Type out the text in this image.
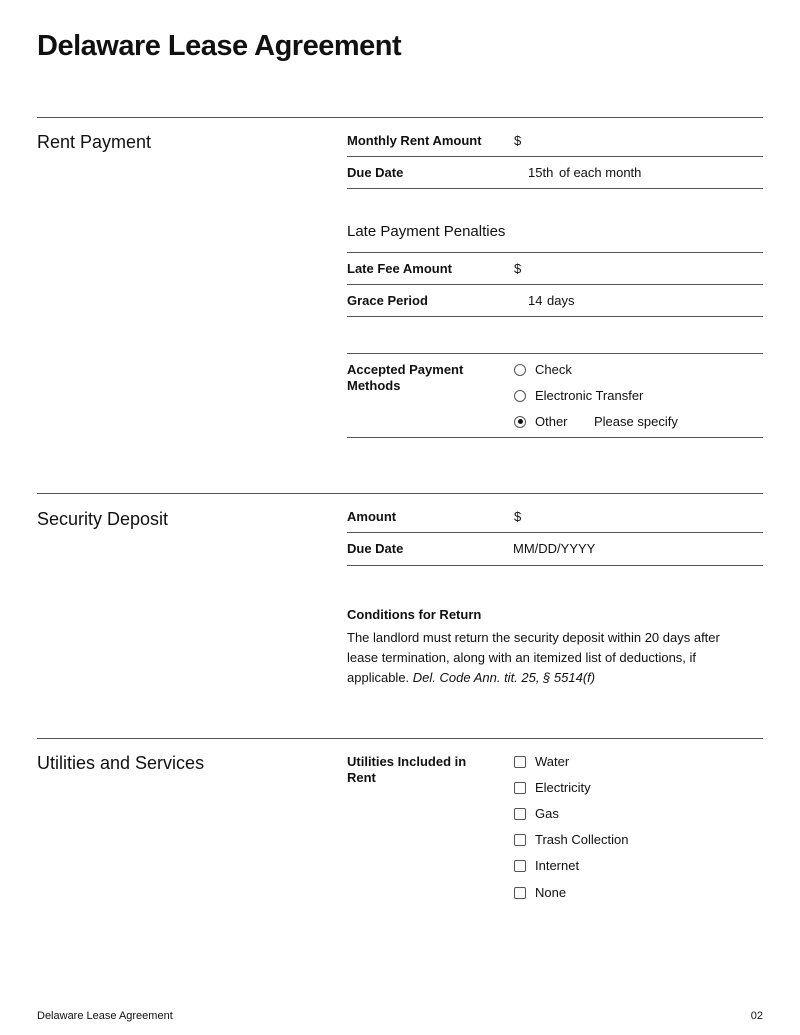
Delaware Lease Agreement
Rent Payment	Monthly Rent Amount $
Due Date	15th of each month
Late Payment Penalties
Late Fee Amount	$
Grace Period	14 days
Accepted Payment Methods
Check
Electronic Transfer
Other Please specify
Security Deposit	Amount	$
Due Date	MM/DD/YYYY
Conditions for Return
The landlord must return the security deposit within 20 days after lease termination, along with an itemized list of deductions, if applicable. Del. Code Ann. tit. 25, § 5514(f)
Utilities and Services	Utilities Included in Rent
Water
Electricity
Gas
Trash Collection
Internet
None
Delaware Lease Agreement	02
